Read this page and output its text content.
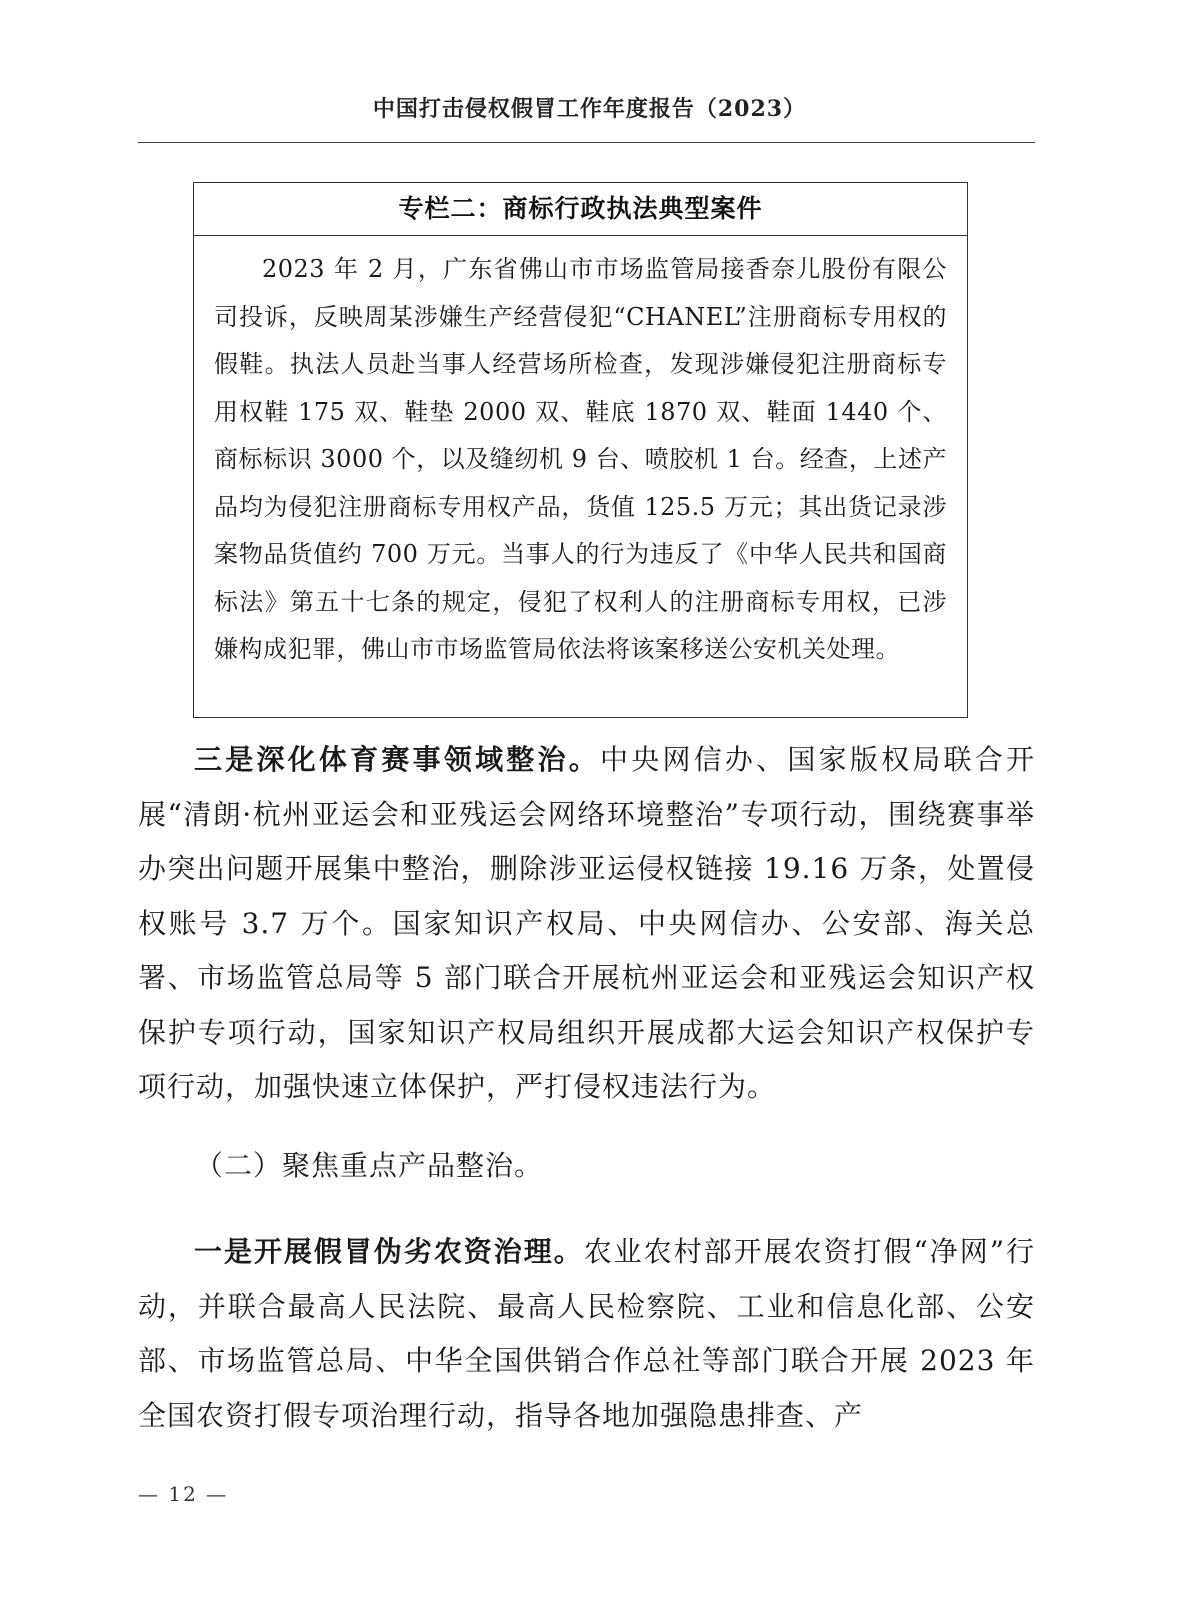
中国打击侵权假冒工作年度报告（2023）
专栏二：商标行政执法典型案件
2023 年 2 月，广东省佛山市市场监管局接香奈儿股份有限公司投诉，反映周某涉嫌生产经营侵犯“CHANEL”注册商标专用权的假鞋。执法人员赴当事人经营场所检查，发现涉嫌侵犯注册商标专用权鞋 175 双、鞋垫 2000 双、鞋底 1870 双、鞋面 1440 个、商标标识 3000 个，以及缝纫机 9 台、喷胶机 1 台。经查，上述产品均为侵犯注册商标专用权产品，货值 125.5 万元；其出货记录涉案物品货值约 700 万元。当事人的行为违反了《中华人民共和国商标法》第五十七条的规定，侵犯了权利人的注册商标专用权，已涉嫌构成犯罪，佛山市市场监管局依法将该案移送公安机关处理。
三是深化体育赛事领域整治。中央网信办、国家版权局联合开展“清朗·杭州亚运会和亚残运会网络环境整治”专项行动，围绕赛事举办突出问题开展集中整治，删除涉亚运侵权链接 19.16 万条，处置侵权账号 3.7 万个。国家知识产权局、中央网信办、公安部、海关总署、市场监管总局等 5 部门联合开展杭州亚运会和亚残运会知识产权保护专项行动，国家知识产权局组织开展成都大运会知识产权保护专项行动，加强快速立体保护，严打侵权违法行为。
（二）聚焦重点产品整治。
一是开展假冒伪劣农资治理。农业农村部开展农资打假“净网”行动，并联合最高人民法院、最高人民检察院、工业和信息化部、公安部、市场监管总局、中华全国供销合作总社等部门联合开展 2023 年全国农资打假专项治理行动，指导各地加强隐患排查、产
— 12 —
